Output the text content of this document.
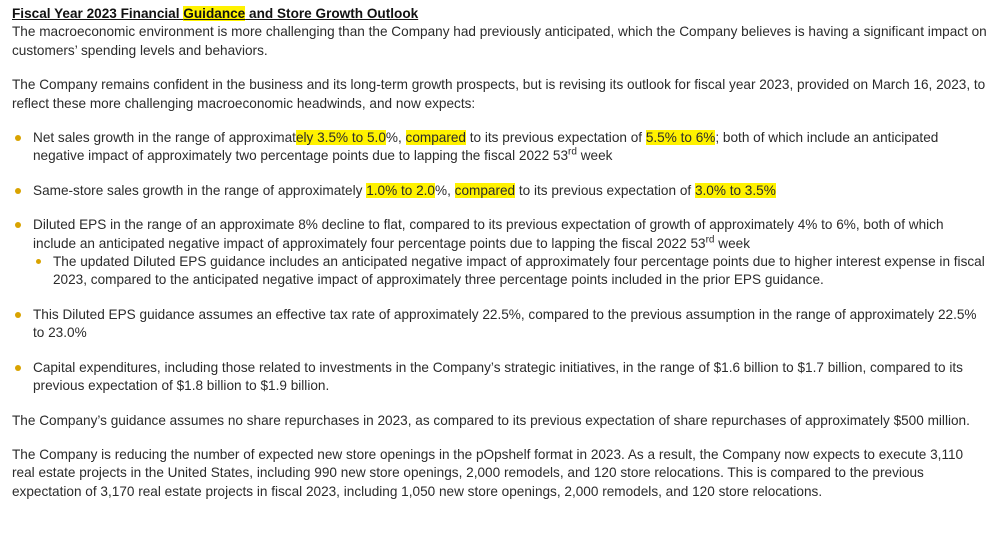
Fiscal Year 2023 Financial Guidance and Store Growth Outlook

The macroeconomic environment is more challenging than the Company had previously anticipated, which the Company believes is having a significant impact on customers’ spending levels and behaviors.

The Company remains confident in the business and its long-term growth prospects, but is revising its outlook for fiscal year 2023, provided on March 16, 2023, to reflect these more challenging macroeconomic headwinds, and now expects:

Net sales growth in the range of approximately 3.5% to 5.0%, compared to its previous expectation of 5.5% to 6%; both of which include an anticipated negative impact of approximately two percentage points due to lapping the fiscal 2022 53rd week
Same-store sales growth in the range of approximately 1.0% to 2.0%, compared to its previous expectation of 3.0% to 3.5%
Diluted EPS in the range of an approximate 8% decline to flat, compared to its previous expectation of growth of approximately 4% to 6%, both of which include an anticipated negative impact of approximately four percentage points due to lapping the fiscal 2022 53rd week
The updated Diluted EPS guidance includes an anticipated negative impact of approximately four percentage points due to higher interest expense in fiscal 2023, compared to the anticipated negative impact of approximately three percentage points included in the prior EPS guidance.
This Diluted EPS guidance assumes an effective tax rate of approximately 22.5%, compared to the previous assumption in the range of approximately 22.5% to 23.0%
Capital expenditures, including those related to investments in the Company’s strategic initiatives, in the range of $1.6 billion to $1.7 billion, compared to its previous expectation of $1.8 billion to $1.9 billion.

The Company’s guidance assumes no share repurchases in 2023, as compared to its previous expectation of share repurchases of approximately $500 million.

The Company is reducing the number of expected new store openings in the pOpshelf format in 2023. As a result, the Company now expects to execute 3,110 real estate projects in the United States, including 990 new store openings, 2,000 remodels, and 120 store relocations. This is compared to the previous expectation of 3,170 real estate projects in fiscal 2023, including 1,050 new store openings, 2,000 remodels, and 120 store relocations.
